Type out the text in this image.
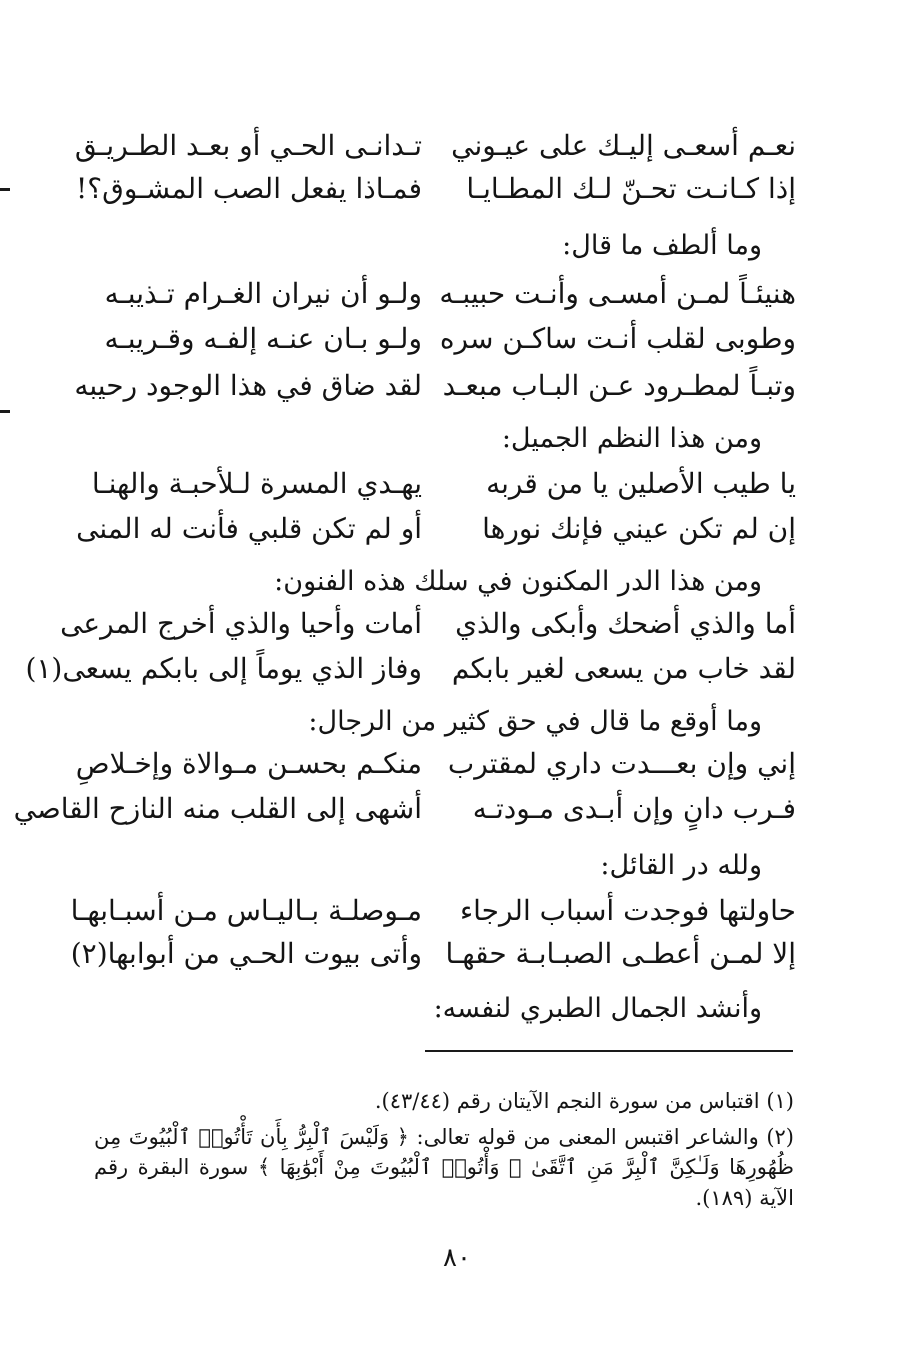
نعـم أسعـى إليـك على عيـوني
تـدانـى الحـي أو بعـد الطـريـق
إذا كـانـت تحـنّ لـك المطـايـا
فمـاذا يفعل الصب المشـوق؟!
وما ألطف ما قال:
هنيئـاً لمـن أمسـى وأنـت حبيبـه
ولـو أن نيران الغـرام تـذيبـه
وطوبى لقلب أنـت ساكـن سره
ولـو بـان عنـه إلفـه وقـريبـه
وتبـاً لمطـرود عـن البـاب مبعـد
لقد ضاق في هذا الوجود رحيبه
ومن هذا النظم الجميل:
يا طيب الأصلين يا من قربه
يهـدي المسرة لـلأحبـة والهنـا
إن لم تكن عيني فإنك نورها
أو لم تكن قلبي فأنت له المنى
ومن هذا الدر المكنون في سلك هذه الفنون:
أما والذي أضحك وأبكى والذي
أمات وأحيا والذي أخرج المرعى
لقد خاب من يسعى لغير بابكم
وفاز الذي يوماً إلى بابكم يسعى(١)
وما أوقع ما قال في حق كثير من الرجال:
إني وإن بعـــدت داري لمقترب
منكـم بحسـن مـوالاة وإخـلاصِ
فـرب دانٍ وإن أبـدى مـودتـه
أشهى إلى القلب منه النازح القاصي
ولله در القائل:
حاولتها فوجدت أسباب الرجاء
مـوصلـة بـاليـاس مـن أسبـابهـا
إلا لمـن أعطـى الصبـابـة حقهـا
وأتى بيوت الحـي من أبوابها(٢)
وأنشد الجمال الطبري لنفسه:
(١) اقتباس من سورة النجم الآيتان رقم (٤٣/٤٤).
(٢) والشاعر اقتبس المعنى من قوله تعالى: ﴿ وَلَيْسَ ٱلْبِرُّ بِأَن تَأْتُوا۟ ٱلْبُيُوتَ مِن ظُهُورِهَا وَلَـٰكِنَّ ٱلْبِرَّ مَنِ ٱتَّقَىٰ ۗ وَأْتُوا۟ ٱلْبُيُوتَ مِنْ أَبْوَٰبِهَا ﴾ سورة البقرة رقم الآية (١٨٩).
٨٠
